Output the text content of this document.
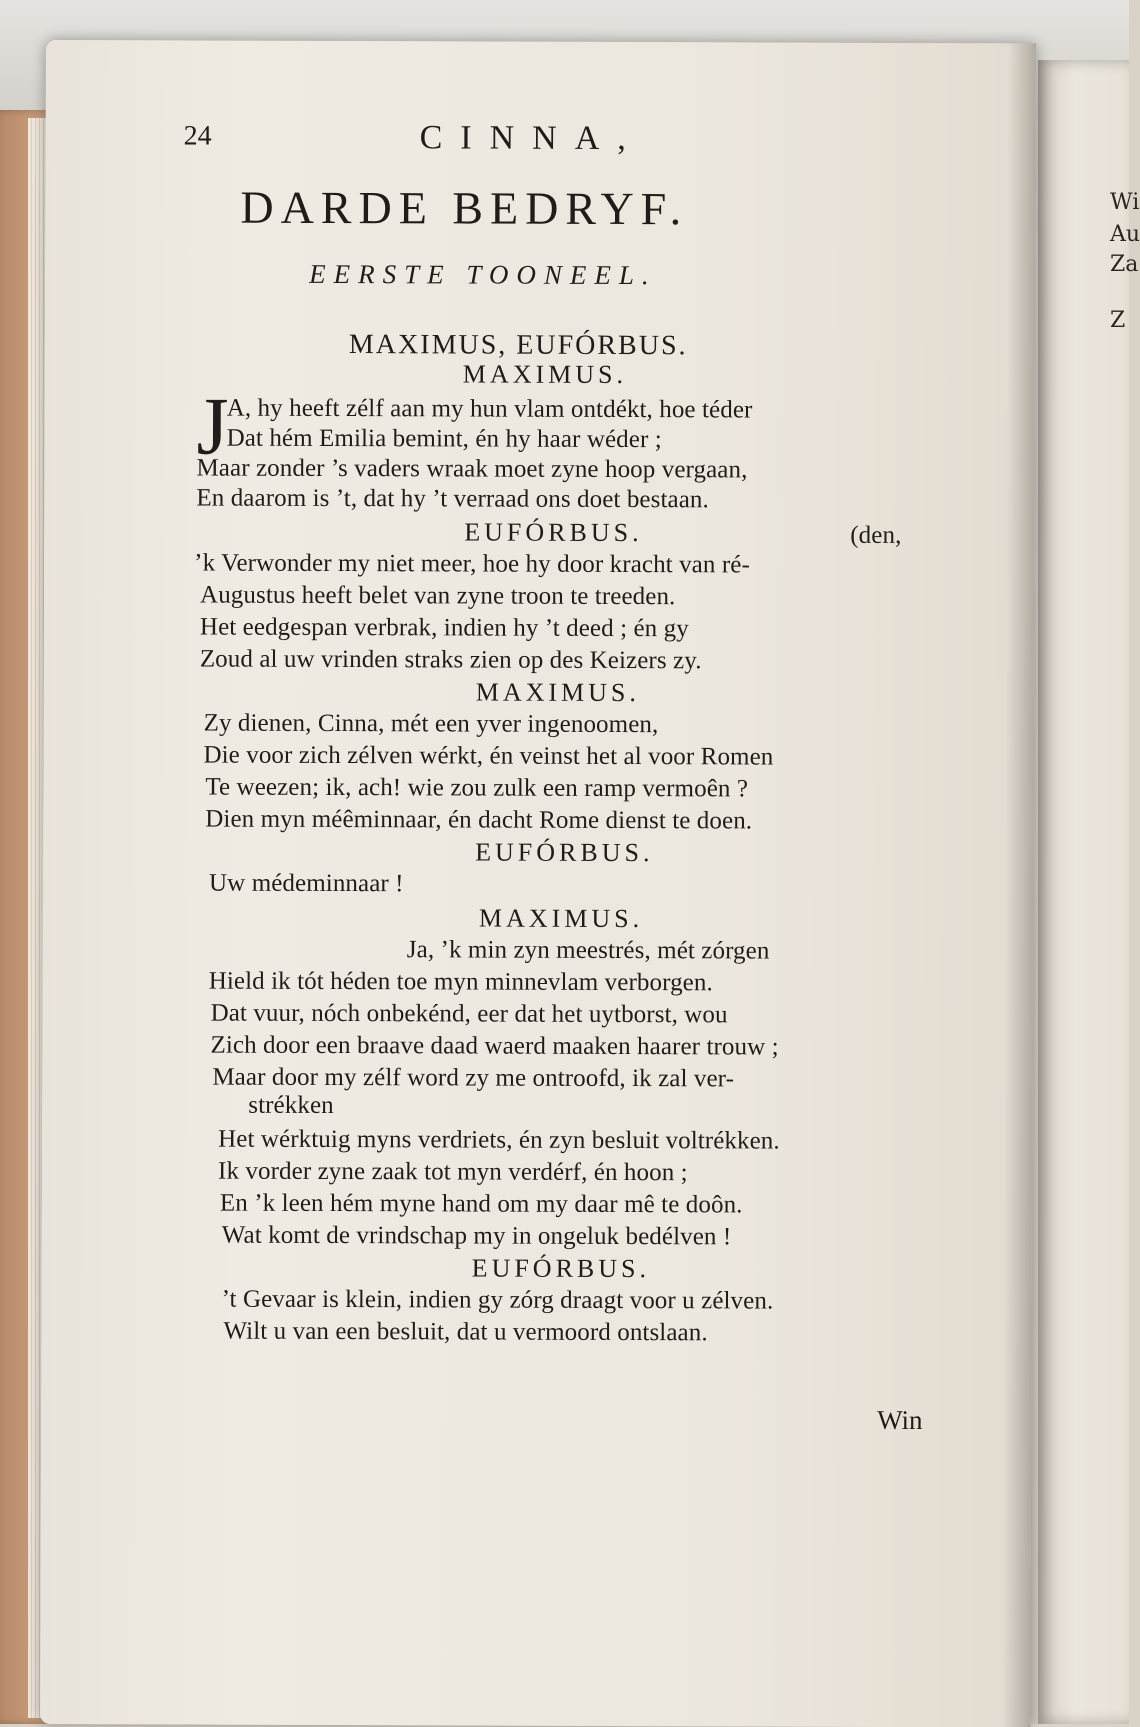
Wi
Au
Za
Z
24	CINNA,
DARDE BEDRYF.
EERSTE TOONEEL.
MAXIMUS, EUFÓRBUS.
MAXIMUS.
J
A, hy heeft zélf aan my hun vlam ontdékt, hoe téder
Dat hém Emilia bemint, én hy haar wéder ;
Maar zonder ’s vaders wraak moet zyne hoop vergaan,
En daarom is ’t, dat hy ’t verraad ons doet bestaan.
EUFÓRBUS.	(den,
’k Verwonder my niet meer, hoe hy door kracht van ré-
Augustus heeft belet van zyne troon te treeden.
Het eedgespan verbrak, indien hy ’t deed ; én gy
Zoud al uw vrinden straks zien op des Keizers zy.
MAXIMUS.
Zy dienen, Cinna, mét een yver ingenoomen,
Die voor zich zélven wérkt, én veinst het al voor Romen
Te weezen; ik, ach! wie zou zulk een ramp vermoên ?
Dien myn méêminnaar, én dacht Rome dienst te doen.
EUFÓRBUS.
Uw médeminnaar !
MAXIMUS.
Ja, ’k min zyn meestrés, mét zórgen
Hield ik tót héden toe myn minnevlam verborgen.
Dat vuur, nóch onbekénd, eer dat het uytborst, wou
Zich door een braave daad waerd maaken haarer trouw ;
Maar door my zélf word zy me ontroofd, ik zal ver-
strékken
Het wérktuig myns verdriets, én zyn besluit voltrékken.
Ik vorder zyne zaak tot myn verdérf, én hoon ;
En ’k leen hém myne hand om my daar mê te doôn.
Wat komt de vrindschap my in ongeluk bedélven !
EUFÓRBUS.
’t Gevaar is klein, indien gy zórg draagt voor u zélven.
Wilt u van een besluit, dat u vermoord ontslaan.
Win
